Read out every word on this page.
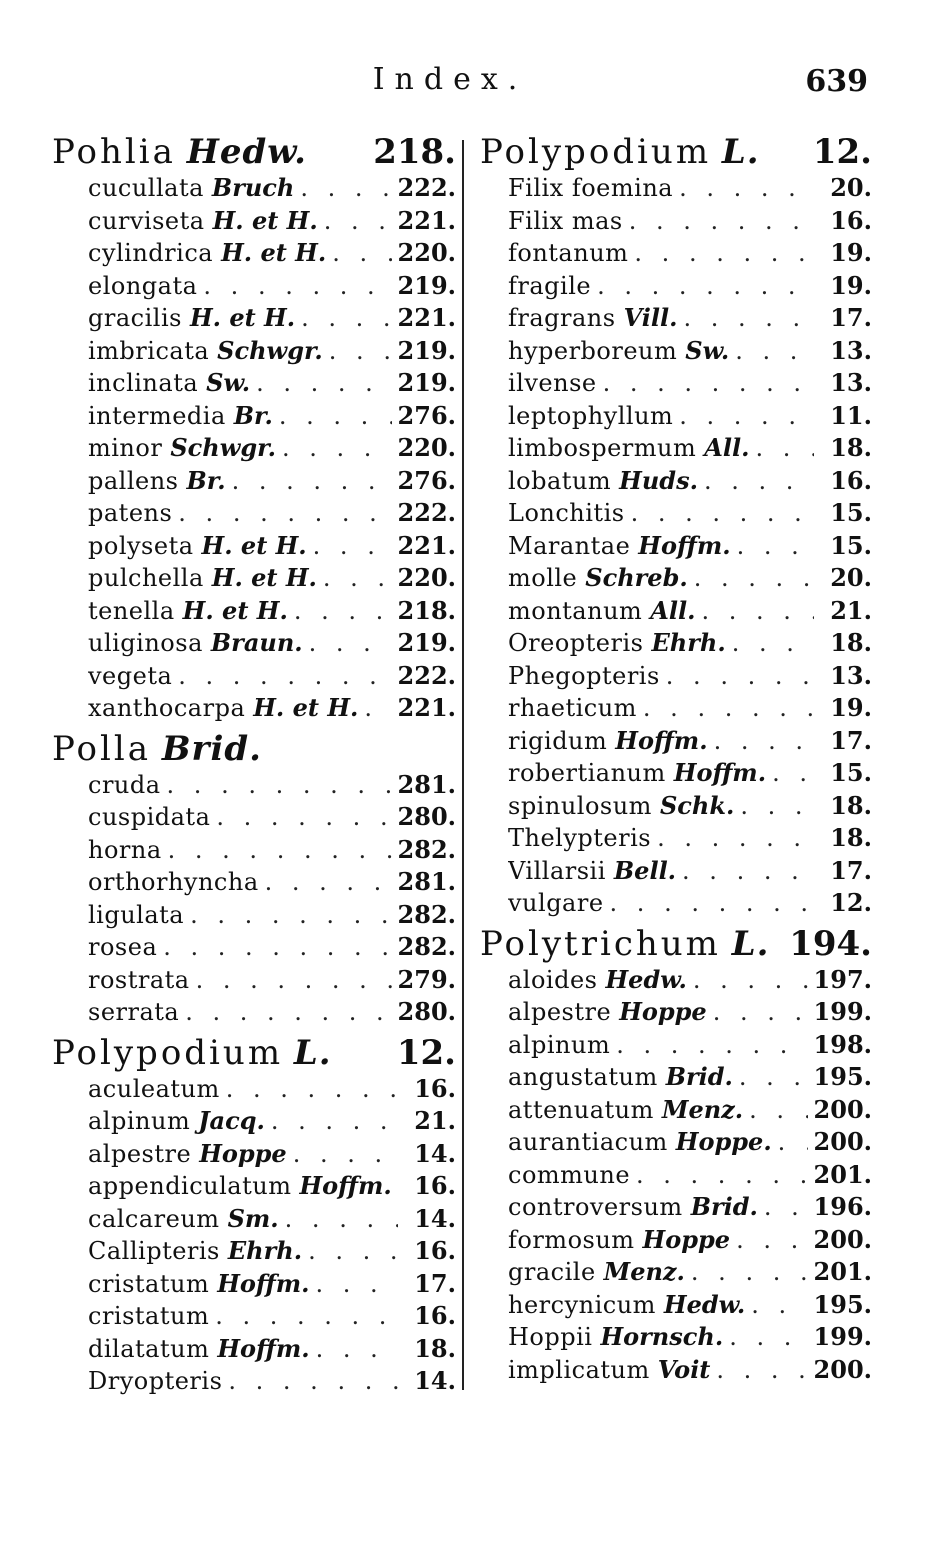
Index.	639
Pohlia Hedw. 218.
cucullata Bruch . . .	222.
curviseta H. et H. . . .	221.
cylindrica H. et H. . . .	220.
elongata . . .	219.
gracilis H. et H. . . .	221.
imbricata Schwgr. . . .	219.
inclinata Sw. . . .	219.
intermedia Br. . . .	276.
minor Schwgr. . . .	220.
pallens Br. . . .	276.
patens . . .	222.
polyseta H. et H. . . .	221.
pulchella H. et H. . . .	220.
tenella H. et H. . . .	218.
uliginosa Braun. . . .	219.
vegeta . . .	222.
xanthocarpa H. et H. . . . 221.
Polla Brid.
cruda . . .	281.
cuspidata . . .	280.
horna . . .	282.
orthorhyncha . . .	281.
ligulata . . .	282.
rosea . . .	282.
rostrata . . .	279.
serrata . . .	280.
Polypodium L. 12.
aculeatum . . .	16.
alpinum Jacq. . . .	21.
alpestre Hoppe . . .	14.
appendiculatum Hoffm. . . . 16.
calcareum Sm. . . .	14.
Callipteris Ehrh. . . .	16.
cristatum Hoffm. . . .	17.
cristatum . . .	16.
dilatatum Hoffm. . . .	18.
Dryopteris . . .	14.
Polypodium L. 12.
Filix foemina . . .	20.
Filix mas . . .	16.
fontanum . . .	19.
fragile . . .	19.
fragrans Vill. . . .	17.
hyperboreum Sw. . . .	13.
ilvense . . .	13.
leptophyllum . . .	11.
limbospermum All. . . .	18.
lobatum Huds. . . .	16.
Lonchitis . . .	15.
Marantae Hoffm. . . .	15.
molle Schreb. . . .	20.
montanum All. . . .	21.
Oreopteris Ehrh. . . .	18.
Phegopteris . . .	13.
rhaeticum . . .	19.
rigidum Hoffm. . . .	17.
robertianum Hoffm. . . .	15.
spinulosum Schk. . . .	18.
Thelypteris . . .	18.
Villarsii Bell. . . .	17.
vulgare . . .	12.
Polytrichum L. 194.
aloides Hedw. . . .	197.
alpestre Hoppe . . .	199.
alpinum . . .	198.
angustatum Brid. . . .	195.
attenuatum Menz. . . .	200.
aurantiacum Hoppe. . . . 200.
commune . . .	201.
controversum Brid. . . . 196.
formosum Hoppe . . .	200.
gracile Menz. . . .	201.
hercynicum Hedw. . . .	195.
Hoppii Hornsch. . . .	199.
implicatum Voit . . .	200.
